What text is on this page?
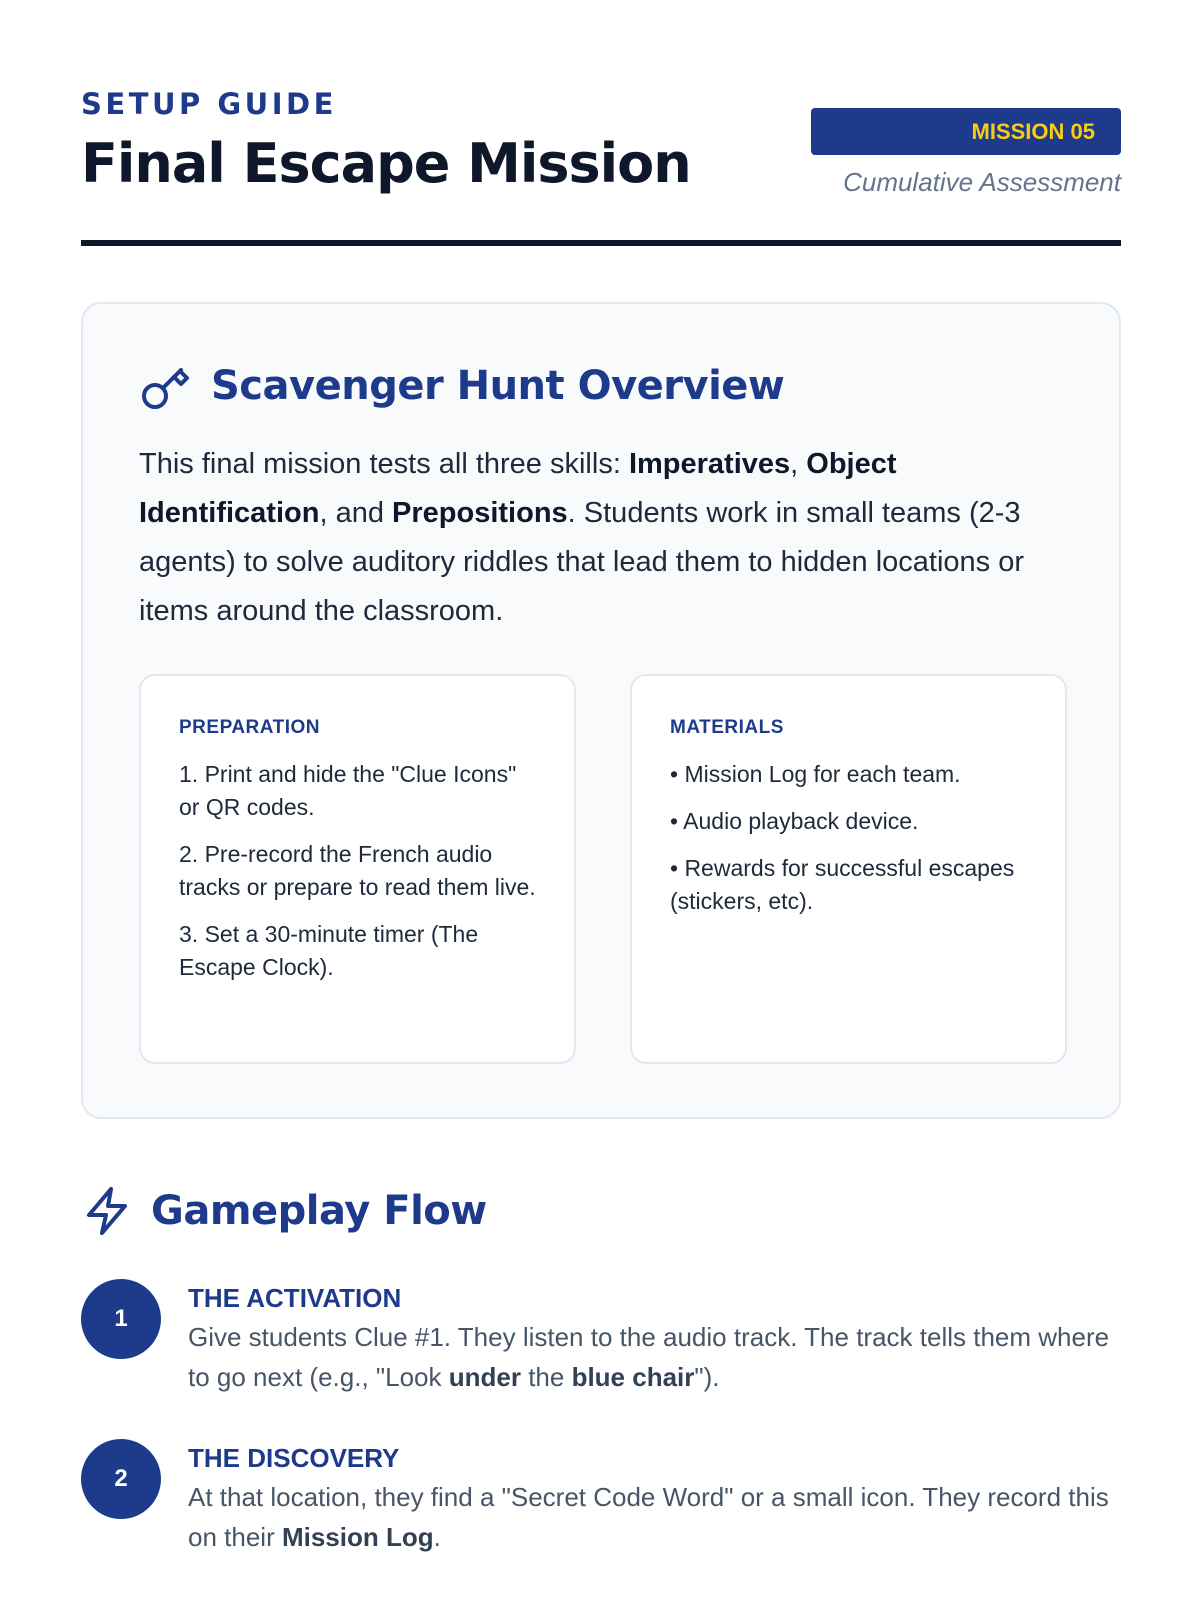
SETUP GUIDE
Final Escape Mission
MISSION 05
Cumulative Assessment
Scavenger Hunt Overview

This final mission tests all three skills: Imperatives, Object Identification, and Prepositions. Students work in small teams (2-3 agents) to solve auditory riddles that lead them to hidden locations or items around the classroom.

PREPARATION
1. Print and hide the "Clue Icons" or QR codes.
2. Pre-record the French audio tracks or prepare to read them live.
3. Set a 30-minute timer (The Escape Clock).
MATERIALS
• Mission Log for each team.
• Audio playback device.
• Rewards for successful escapes (stickers, etc).
Gameplay Flow
1
THE ACTIVATION

Give students Clue #1. They listen to the audio track. The track tells them where to go next (e.g., "Look under the blue chair").

2
THE DISCOVERY

At that location, they find a "Secret Code Word" or a small icon. They record this on their Mission Log.
